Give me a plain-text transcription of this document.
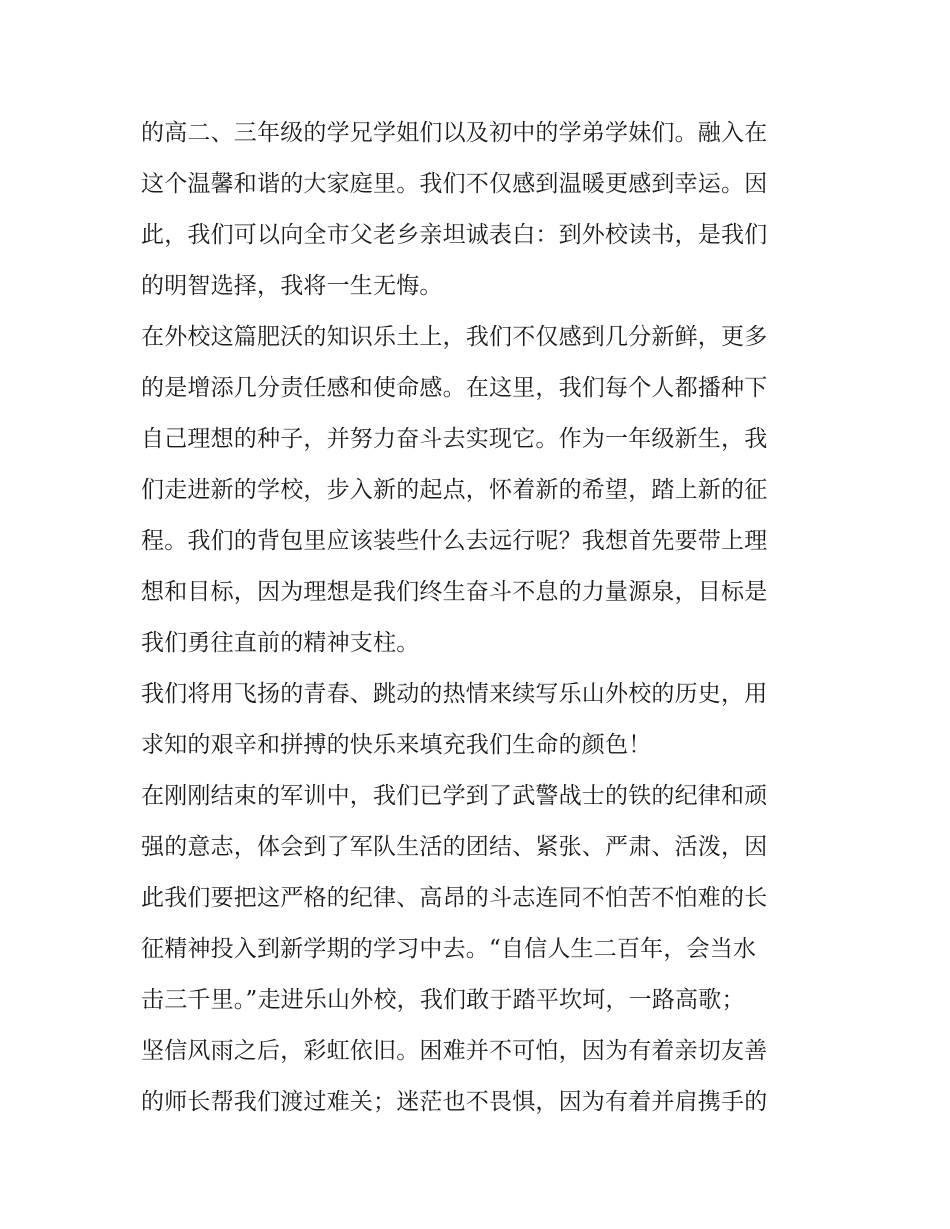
的高二、三年级的学兄学姐们以及初中的学弟学妹们。融入在
这个温馨和谐的大家庭里。我们不仅感到温暖更感到幸运。因
此，我们可以向全市父老乡亲坦诚表白：到外校读书，是我们
的明智选择，我将一生无悔。
在外校这篇肥沃的知识乐土上，我们不仅感到几分新鲜，更多
的是增添几分责任感和使命感。在这里，我们每个人都播种下
自己理想的种子，并努力奋斗去实现它。作为一年级新生，我
们走进新的学校，步入新的起点，怀着新的希望，踏上新的征
程。我们的背包里应该装些什么去远行呢？我想首先要带上理
想和目标，因为理想是我们终生奋斗不息的力量源泉，目标是
我们勇往直前的精神支柱。
我们将用飞扬的青春、跳动的热情来续写乐山外校的历史，用
求知的艰辛和拼搏的快乐来填充我们生命的颜色！
在刚刚结束的军训中，我们已学到了武警战士的铁的纪律和顽
强的意志，体会到了军队生活的团结、紧张、严肃、活泼，因
此我们要把这严格的纪律、高昂的斗志连同不怕苦不怕难的长
征精神投入到新学期的学习中去。“自信人生二百年，会当水
击三千里。”走进乐山外校，我们敢于踏平坎坷，一路高歌；
坚信风雨之后，彩虹依旧。困难并不可怕，因为有着亲切友善
的师长帮我们渡过难关；迷茫也不畏惧，因为有着并肩携手的
